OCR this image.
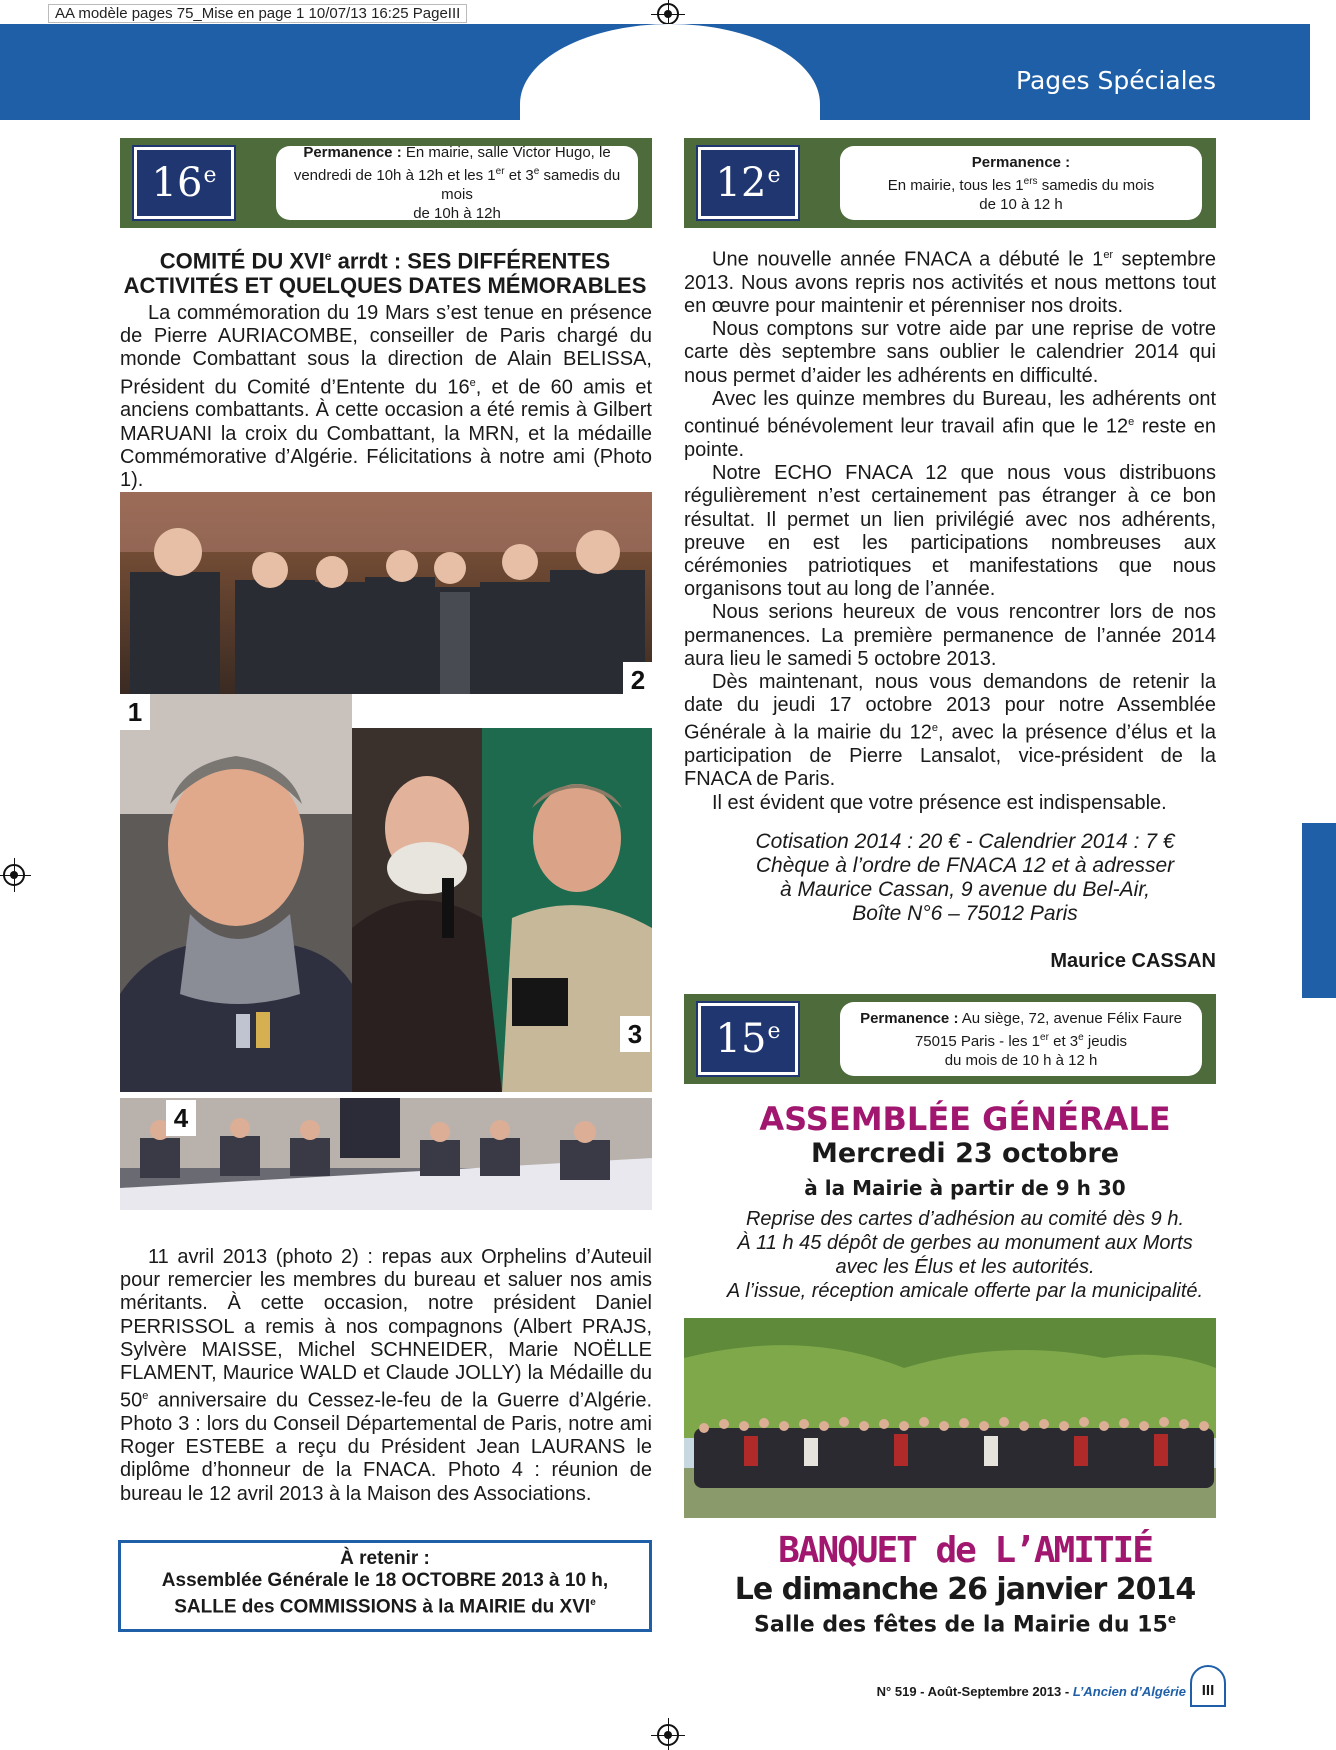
AA modèle pages 75_Mise en page 1 10/07/13 16:25 PageIII
Pages Spéciales
16e
Permanence : En mairie, salle Victor Hugo, le
vendredi de 10h à 12h et les 1er et 3e samedis du mois
de 10h à 12h
12e
Permanence :
En mairie, tous les 1ers samedis du mois
de 10 à 12 h
COMITÉ DU XVIe arrdt : SES DIFFÉRENTES
ACTIVITÉS ET QUELQUES DATES MÉMORABLES

La commémoration du 19 Mars s’est tenue en présence de Pierre AURIACOMBE, conseiller de Paris chargé du monde Combattant sous la direction de Alain BELISSA, Président du Comité d’Entente du 16e, et de 60 amis et anciens combattants. À cette occasion a été remis à Gilbert MARUANI la croix du Combattant, la MRN, et la médaille Commémorative d’Algérie. Félicitations à notre ami (Photo 1).

2
1
3
4

11 avril 2013 (photo 2) : repas aux Orphelins d’Auteuil pour remercier les membres du bureau et saluer nos amis méritants. À cette occasion, notre président Daniel PERRISSOL a remis à nos compagnons (Albert PRAJS, Sylvère MAISSE, Michel SCHNEIDER, Marie NOËLLE FLAMENT, Maurice WALD et Claude JOLLY) la Médaille du 50e anniversaire du Cessez-le-feu de la Guerre d’Algérie. Photo 3 : lors du Conseil Départemental de Paris, notre ami Roger ESTEBE a reçu du Président Jean LAURANS le diplôme d’honneur de la FNACA. Photo 4 : réunion de bureau le 12 avril 2013 à la Maison des Associations.

À retenir :
Assemblée Générale le 18 OCTOBRE 2013 à 10 h,
SALLE des COMMISSIONS à la MAIRIE du XVIe

Une nouvelle année FNACA a débuté le 1er septembre 2013. Nous avons repris nos activités et nous mettons tout en œuvre pour maintenir et pérenniser nos droits.

Nous comptons sur votre aide par une reprise de votre carte dès septembre sans oublier le calendrier 2014 qui nous permet d’aider les adhérents en difficulté.

Avec les quinze membres du Bureau, les adhérents ont continué bénévolement leur travail afin que le 12e reste en pointe.

Notre ECHO FNACA 12 que nous vous distribuons régulièrement n’est certainement pas étranger à ce bon résultat. Il permet un lien privilégié avec nos adhérents, preuve en est les participations nombreuses aux cérémonies patriotiques et manifestations que nous organisons tout au long de l’année.

Nous serions heureux de vous rencontrer lors de nos permanences. La première permanence de l’année 2014 aura lieu le samedi 5 octobre 2013.

Dès maintenant, nous vous demandons de retenir la date du jeudi 17 octobre 2013 pour notre Assemblée Générale à la mairie du 12e, avec la présence d’élus et la participation de Pierre Lansalot, vice-président de la FNACA de Paris.

Il est évident que votre présence est indispensable.

Cotisation 2014 : 20 € - Calendrier 2014 : 7 €
Chèque à l’ordre de FNACA 12 et à adresser
à Maurice Cassan, 9 avenue du Bel-Air,
Boîte N°6 – 75012 Paris
Maurice CASSAN
15e
Permanence : Au siège, 72, avenue Félix Faure
75015 Paris - les 1er et 3e jeudis
du mois de 10 h à 12 h
ASSEMBLÉE GÉNÉRALE
Mercredi 23 octobre
à la Mairie à partir de 9 h 30
Reprise des cartes d’adhésion au comité dès 9 h.
À 11 h 45 dépôt de gerbes au monument aux Morts
avec les Élus et les autorités.
A l’issue, réception amicale offerte par la municipalité.
BANQUET de L’AMITIÉ
Le dimanche 26 janvier 2014
Salle des fêtes de la Mairie du 15e
N° 519 - Août-Septembre 2013 - L’Ancien d’Algérie	III
